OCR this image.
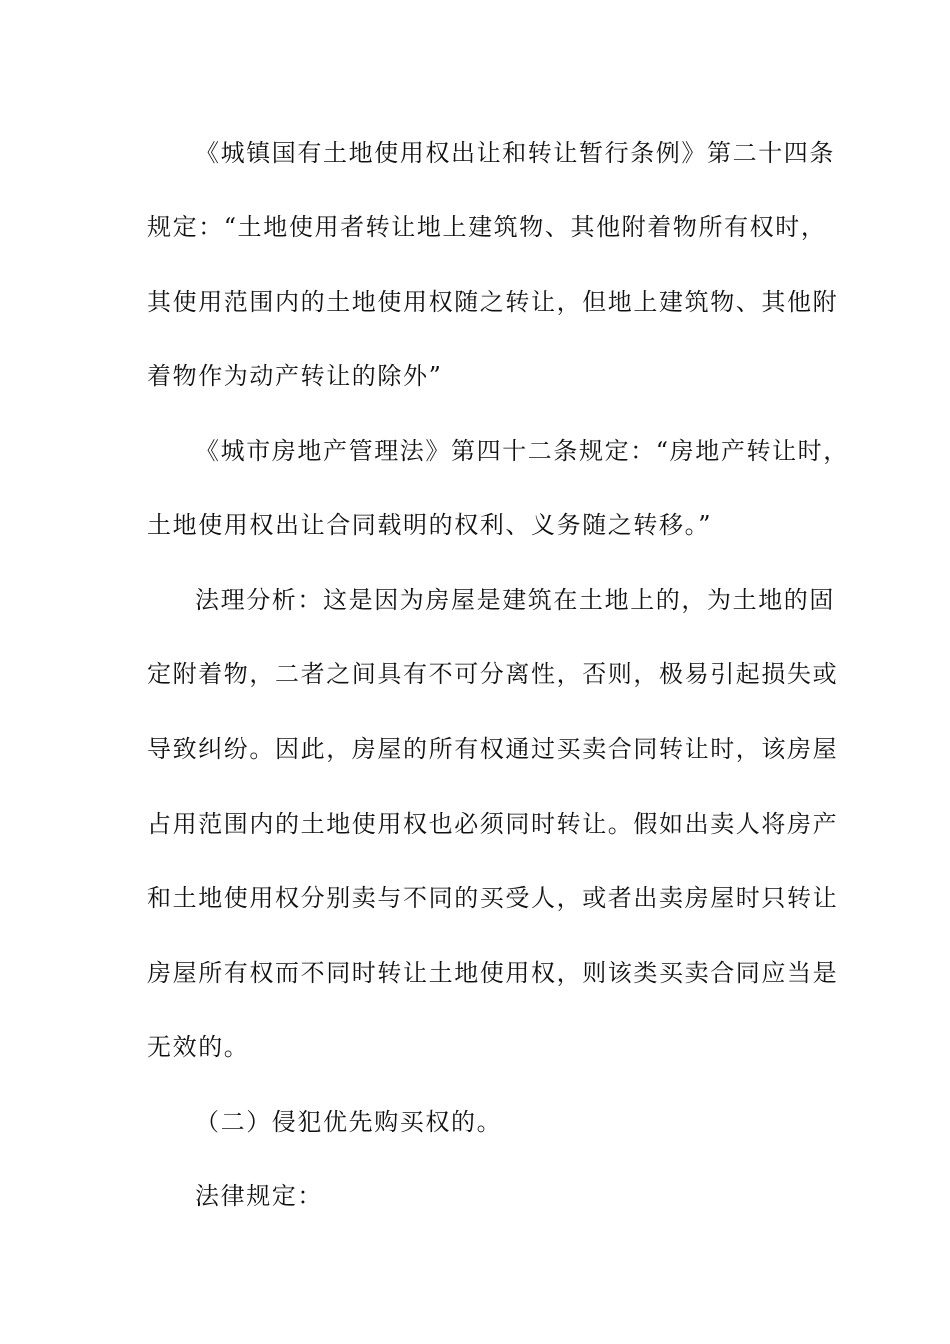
《城镇国有土地使用权出让和转让暂行条例》第二十四条
规定：“土地使用者转让地上建筑物、其他附着物所有权时，
其使用范围内的土地使用权随之转让，但地上建筑物、其他附
着物作为动产转让的除外”
《城市房地产管理法》第四十二条规定：“房地产转让时，
土地使用权出让合同载明的权利、义务随之转移。”
法理分析：这是因为房屋是建筑在土地上的，为土地的固
定附着物，二者之间具有不可分离性，否则，极易引起损失或
导致纠纷。因此，房屋的所有权通过买卖合同转让时，该房屋
占用范围内的土地使用权也必须同时转让。假如出卖人将房产
和土地使用权分别卖与不同的买受人，或者出卖房屋时只转让
房屋所有权而不同时转让土地使用权，则该类买卖合同应当是
无效的。
（二）侵犯优先购买权的。
法律规定：
